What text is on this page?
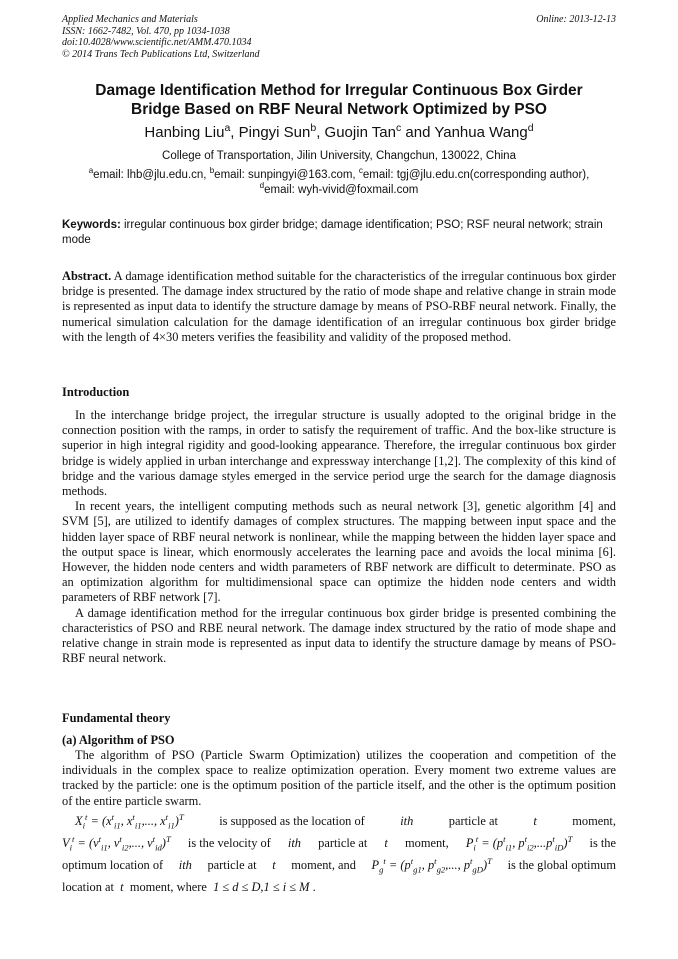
Applied Mechanics and Materials
ISSN: 1662-7482, Vol. 470, pp 1034-1038
doi:10.4028/www.scientific.net/AMM.470.1034
© 2014 Trans Tech Publications Ltd, Switzerland
Online: 2013-12-13
Damage Identification Method for Irregular Continuous Box Girder
Bridge Based on RBF Neural Network Optimized by PSO
Hanbing Liu$^a$, Pingyi Sun$^b$, Guojin Tan$^c$ and Yanhua Wang$^d$
College of Transportation, Jilin University, Changchun, 130022, China
$^a$email: lhb@jlu.edu.cn, $^b$email: sunpingyi@163.com, $^c$email: tgj@jlu.edu.cn(corresponding author),
$^d$email: wyh-vivid@foxmail.com
Keywords: irregular continuous box girder bridge; damage identification; PSO; RSF neural network; strain mode
Abstract. A damage identification method suitable for the characteristics of the irregular continuous box girder bridge is presented. The damage index structured by the ratio of mode shape and relative change in strain mode is represented as input data to identify the structure damage by means of PSO-RBF neural network. Finally, the numerical simulation calculation for the damage identification of an irregular continuous box girder bridge with the length of 4×30 meters verifies the feasibility and validity of the proposed method.
Introduction

In the interchange bridge project, the irregular structure is usually adopted to the original bridge in the connection position with the ramps, in order to satisfy the requirement of traffic. And the box-like structure is superior in high integral rigidity and good-looking appearance. Therefore, the irregular continuous box girder bridge is widely applied in urban interchange and expressway interchange [1,2]. The complexity of this kind of bridge and the various damage styles emerged in the service period urge the search for the damage diagnosis methods.

In recent years, the intelligent computing methods such as neural network [3], genetic algorithm [4] and SVM [5], are utilized to identify damages of complex structures. The mapping between input space and the hidden layer space of RBF neural network is nonlinear, while the mapping between the hidden layer space and the output space is linear, which enormously accelerates the learning pace and avoids the local minima [6]. However, the hidden node centers and width parameters of RBF network are difficult to determinate. PSO as an optimization algorithm for multidimensional space can optimize the hidden node centers and width parameters of RBF network [7].

A damage identification method for the irregular continuous box girder bridge is presented combining the characteristics of PSO and RBE neural network. The damage index structured by the ratio of mode shape and relative change in strain mode is represented as input data to identify the structure damage by means of PSO-RBF neural network.

Fundamental theory
(a) Algorithm of PSO

The algorithm of PSO (Particle Swarm Optimization) utilizes the cooperation and competition of the individuals in the complex space to realize optimization operation. Every moment two extreme values are tracked by the particle: one is the optimum position of the particle itself, and the other is the optimum position of the entire particle swarm.

$X_i^t = (x^t_{i1}$, $x^t_{i1}$,..., $x^t_{i1})^T$	is supposed as the location of	ith	particle at	t	moment,
$V_i^t = (v^t_{i1}$, $v^t_{i2}$,..., $v^t_{id})^T$ is the velocity of ith particle at t moment, $P_i^t = (p^t_{i1}$, $p^t_{i2},...p^t_{iD})^T$ is the
optimum location of ith particle at t moment, and $P_g^t = (p^t_{g1}$, $p^t_{g2}$,..., $p^t_{gD})^T$ is the global optimum
location at t moment, where 1 ≤ d ≤ D,1 ≤ i ≤ M .
